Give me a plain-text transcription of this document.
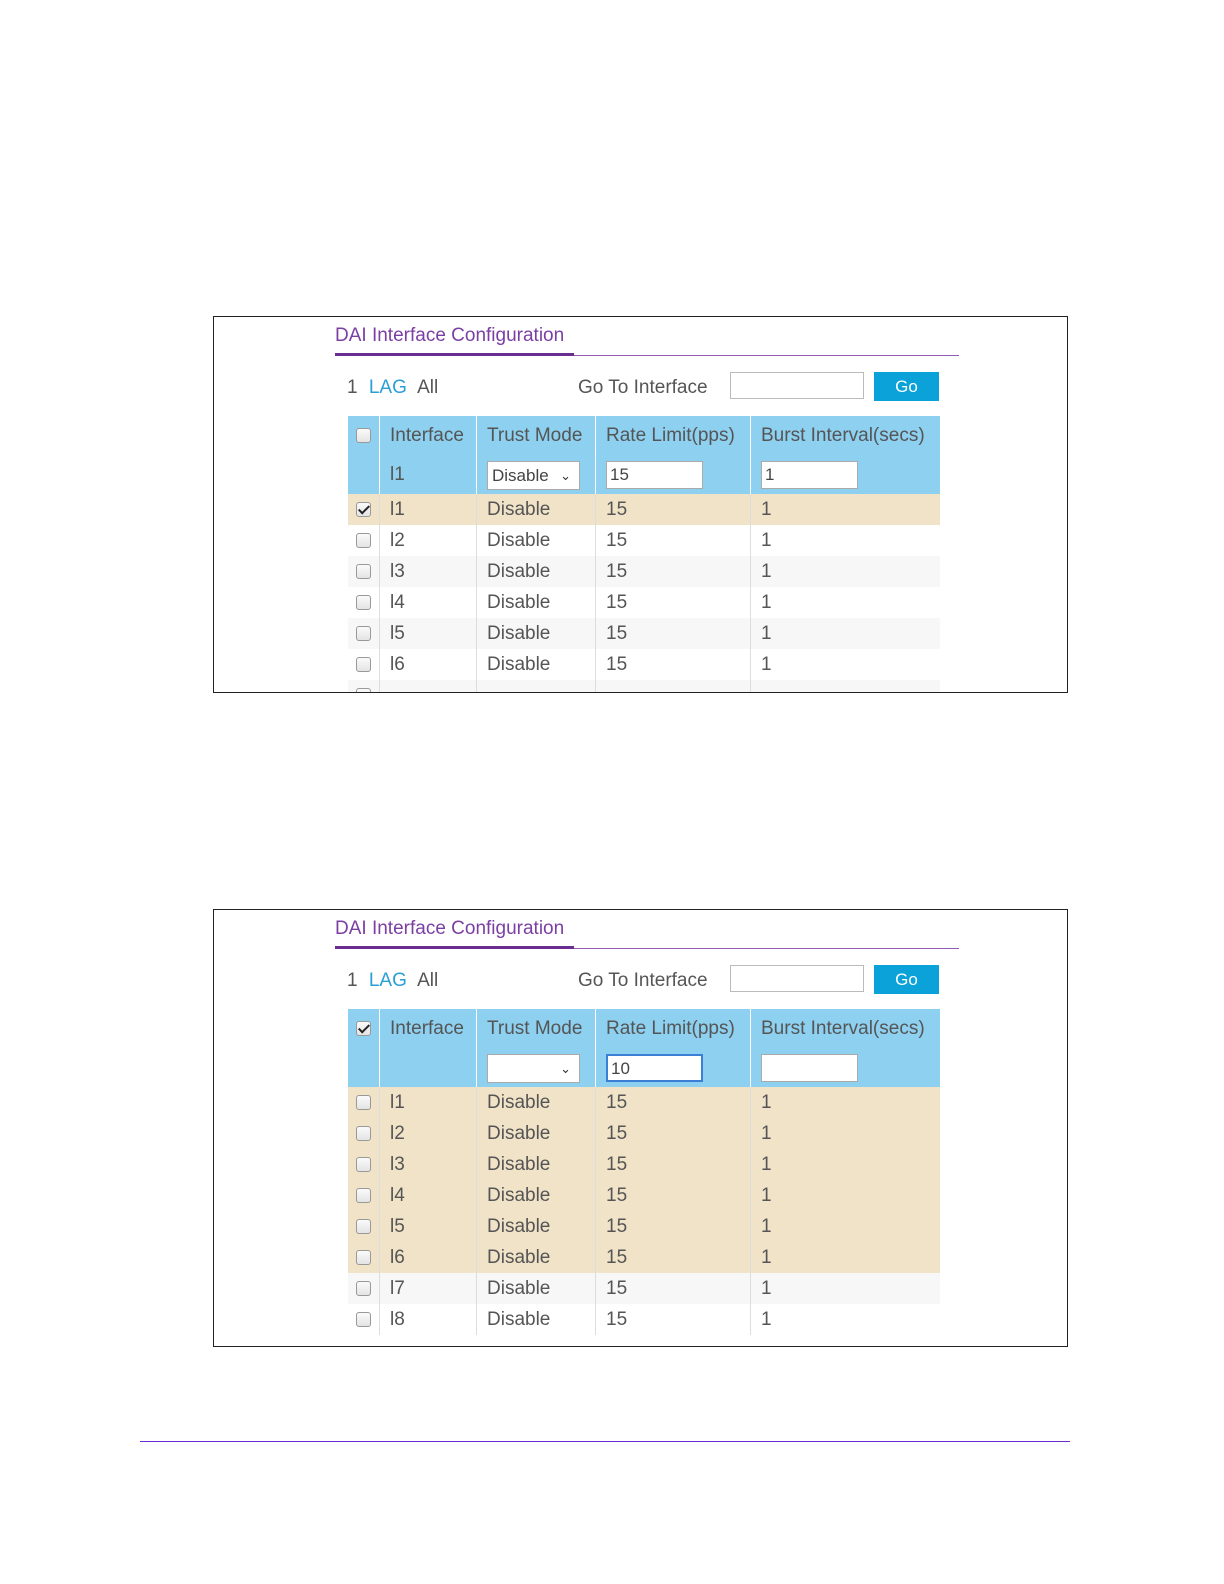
DAI Interface Configuration
1 LAG All	Go To Interface	Go
	Interface	Trust Mode	Rate Limit(pps)	Burst Interval(secs)
	l1	Disable ⌄	15	1
	l1	Disable	15	1
	l2	Disable	15	1
	l3	Disable	15	1
	l4	Disable	15	1
	l5	Disable	15	1
	l6	Disable	15	1

DAI Interface Configuration
1 LAG All	Go To Interface	Go
	Interface	Trust Mode	Rate Limit(pps)	Burst Interval(secs)

		⌄	10	
	l1	Disable	15	1
	l2	Disable	15	1
	l3	Disable	15	1
	l4	Disable	15	1
	l5	Disable	15	1
	l6	Disable	15	1
	l7	Disable	15	1
	l8	Disable	15	1
